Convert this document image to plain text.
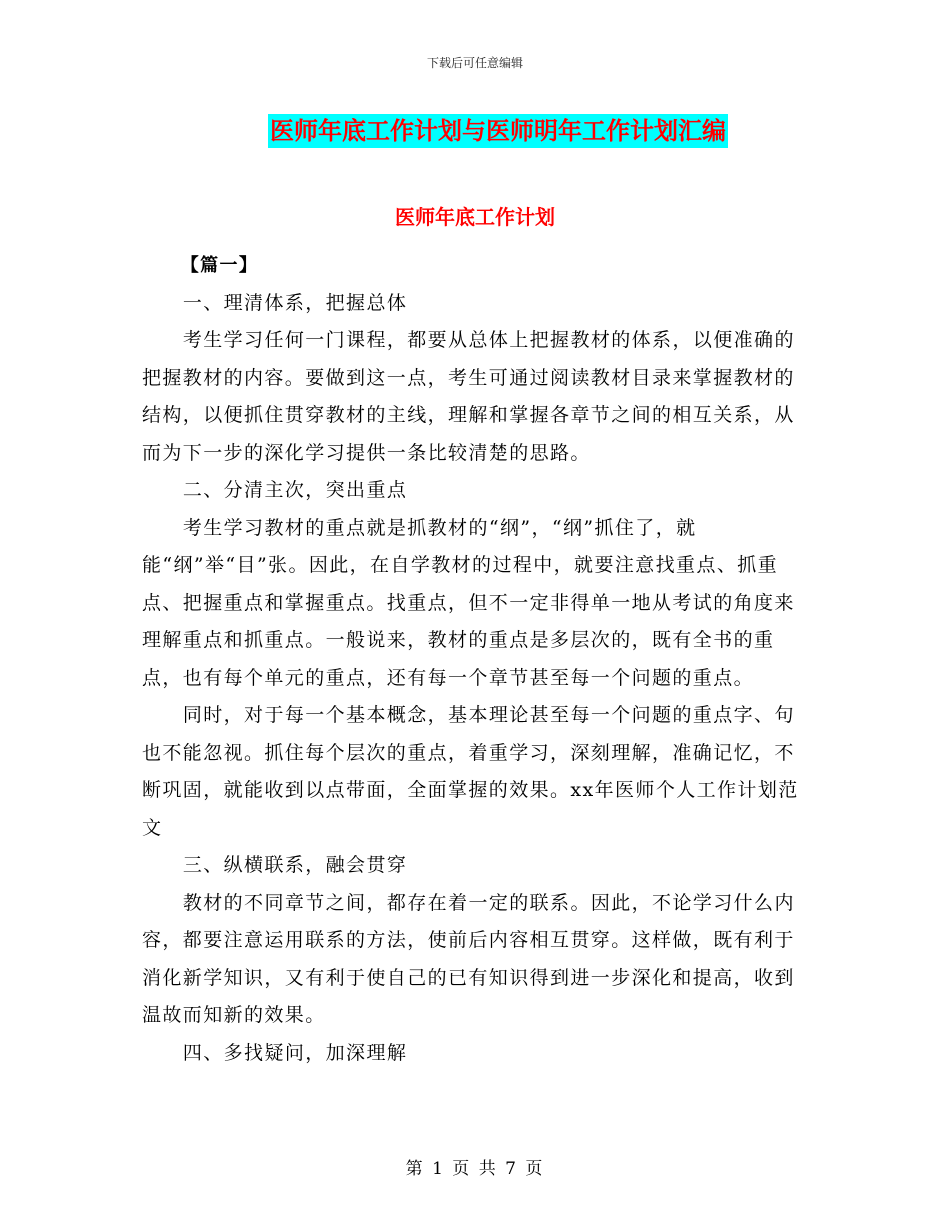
下载后可任意编辑
医师年底工作计划与医师明年工作计划汇编
医师年底工作计划

【篇一】

一、理清体系，把握总体

考生学习任何一门课程，都要从总体上把握教材的体系，以便准确的把握教材的内容。要做到这一点，考生可通过阅读教材目录来掌握教材的结构，以便抓住贯穿教材的主线，理解和掌握各章节之间的相互关系，从而为下一步的深化学习提供一条比较清楚的思路。

二、分清主次，突出重点

考生学习教材的重点就是抓教材的“纲”，“纲”抓住了，就能“纲”举“目”张。因此，在自学教材的过程中，就要注意找重点、抓重点、把握重点和掌握重点。找重点，但不一定非得单一地从考试的角度来理解重点和抓重点。一般说来，教材的重点是多层次的，既有全书的重点，也有每个单元的重点，还有每一个章节甚至每一个问题的重点。

同时，对于每一个基本概念，基本理论甚至每一个问题的重点字、句也不能忽视。抓住每个层次的重点，着重学习，深刻理解，准确记忆，不断巩固，就能收到以点带面，全面掌握的效果。xx年医师个人工作计划范文

三、纵横联系，融会贯穿

教材的不同章节之间，都存在着一定的联系。因此，不论学习什么内容，都要注意运用联系的方法，使前后内容相互贯穿。这样做，既有利于消化新学知识，又有利于使自己的已有知识得到进一步深化和提高，收到温故而知新的效果。

四、多找疑问，加深理解

第 1 页 共 7 页
